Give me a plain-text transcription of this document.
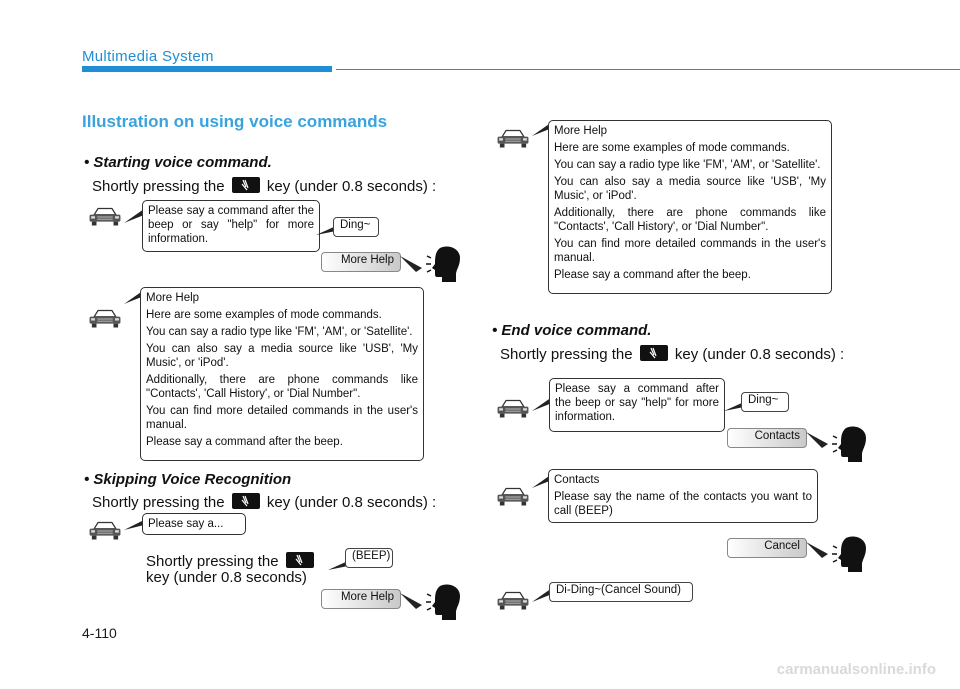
Multimedia System
Illustration on using voice commands
• Starting voice command.
Shortly pressing the	key (under 0.8 seconds) :

Please say a command after the beep or say "help" for more information.

Ding~
More Help

More Help

Here are some examples of mode commands.

You can say a radio type like 'FM', 'AM', or 'Satellite'.

You can also say a media source like 'USB', 'My Music', or 'iPod'.

Additionally, there are phone commands like "Contacts', 'Call History', or 'Dial Number".

You can find more detailed commands in the user's manual.

Please say a command after the beep.

• Skipping Voice Recognition
Shortly pressing the	key (under 0.8 seconds) :

Please say a...

Shortly pressing the
key (under 0.8 seconds)
(BEEP)
More Help

More Help

Here are some examples of mode commands.

You can say a radio type like 'FM', 'AM', or 'Satellite'.

You can also say a media source like 'USB', 'My Music', or 'iPod'.

Additionally, there are phone commands like "Contacts', 'Call History', or 'Dial Number".

You can find more detailed commands in the user's manual.

Please say a command after the beep.

• End voice command.
Shortly pressing the	key (under 0.8 seconds) :

Please say a command after the beep or say "help" for more information.

Ding~
Contacts

Contacts

Please say the name of the contacts you want to call (BEEP)

Cancel
Di-Ding~(Cancel Sound)
4-110
carmanualsonline.info
